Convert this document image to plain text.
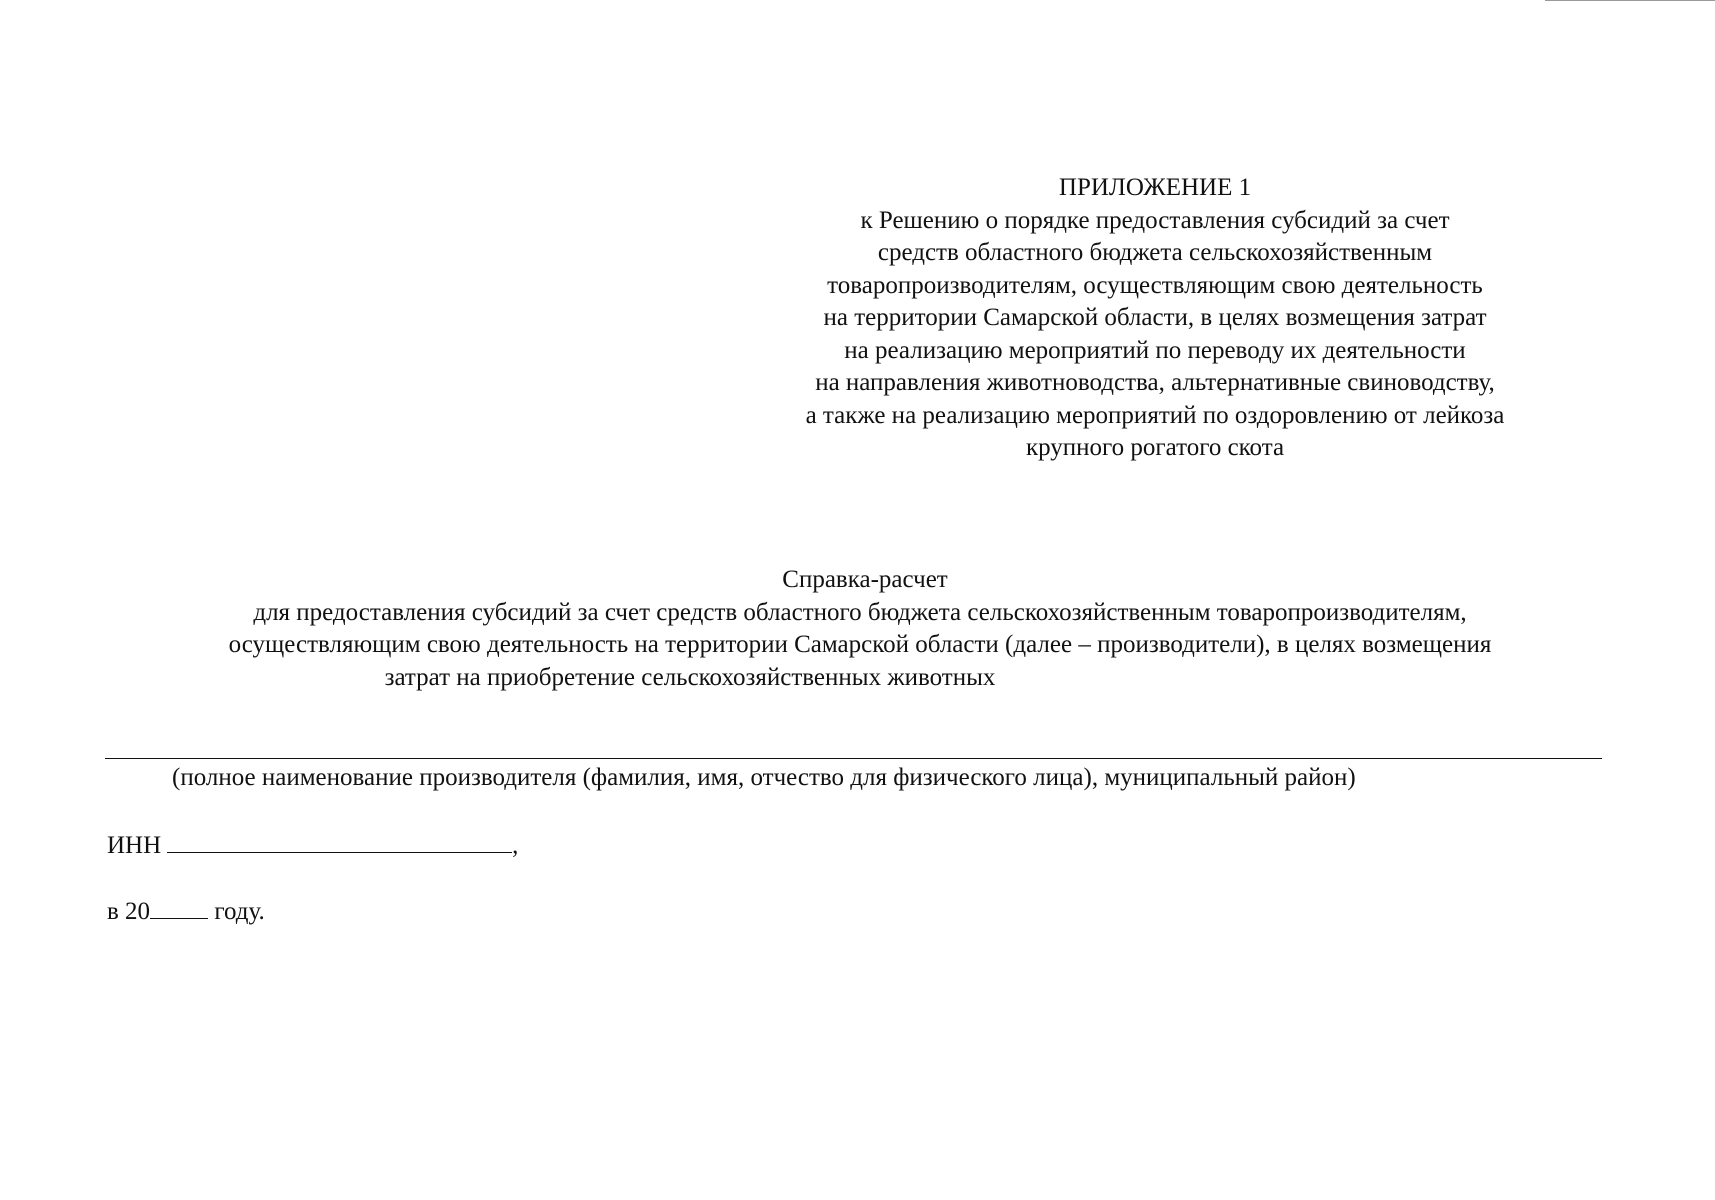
ПРИЛОЖЕНИЕ 1
к Решению о порядке предоставления субсидий за счет
средств областного бюджета сельскохозяйственным
товаропроизводителям, осуществляющим свою деятельность
на территории Самарской области, в целях возмещения затрат
на реализацию мероприятий по переводу их деятельности
на направления животноводства, альтернативные свиноводству,
а также на реализацию мероприятий по оздоровлению от лейкоза
крупного рогатого скота
Справка-расчет
для предоставления субсидий за счет средств областного бюджета сельскохозяйственным товаропроизводителям,
осуществляющим свою деятельность на территории Самарской области (далее – производители), в целях возмещения
затрат на приобретение сельскохозяйственных животных
(полное наименование производителя (фамилия, имя, отчество для физического лица), муниципальный район)
ИНН	,
в 20 году.
